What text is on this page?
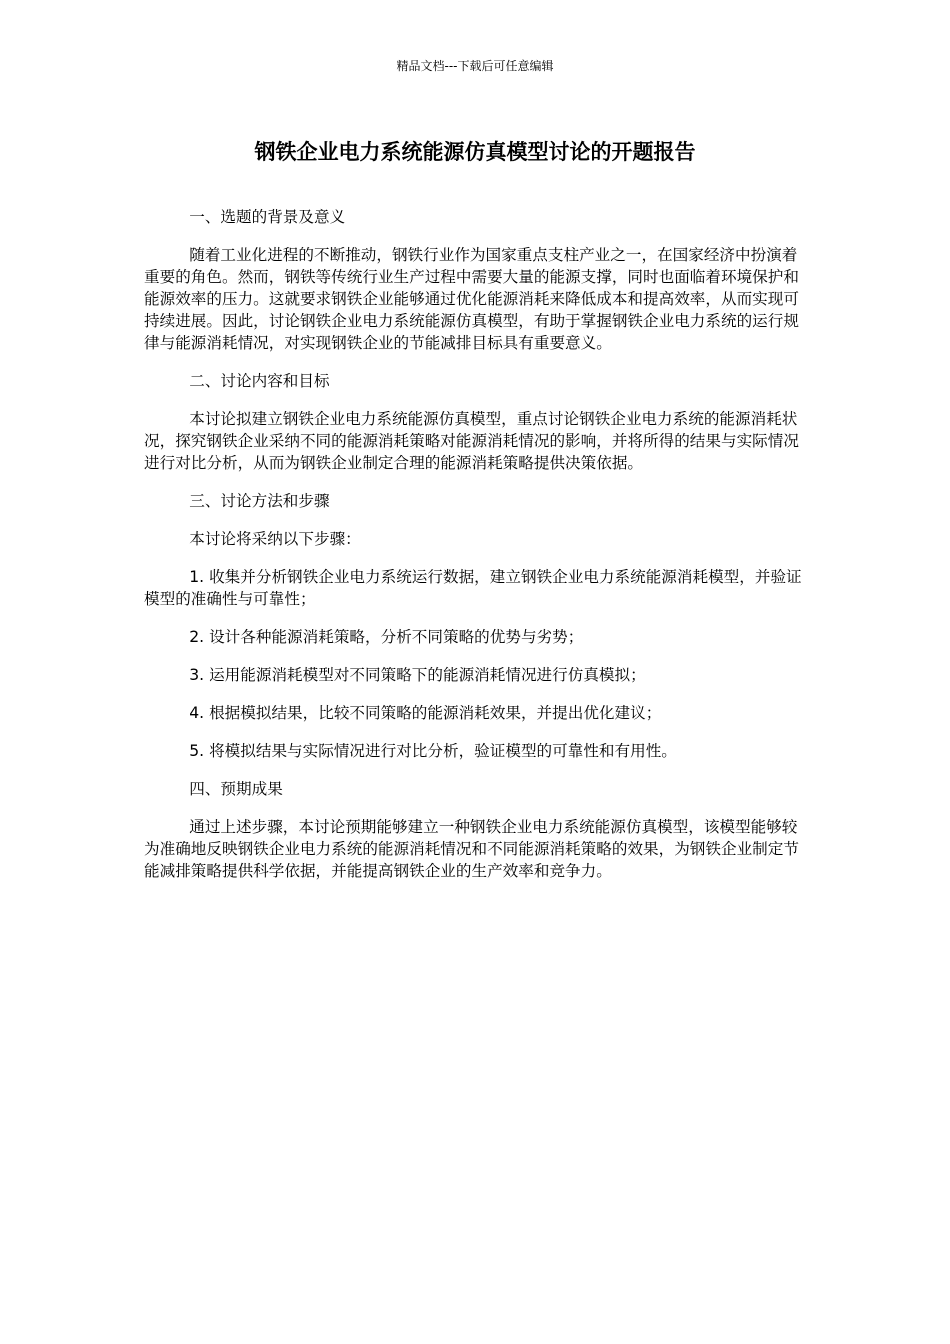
精品文档---下载后可任意编辑
钢铁企业电力系统能源仿真模型讨论的开题报告

一、选题的背景及意义

随着工业化进程的不断推动，钢铁行业作为国家重点支柱产业之一，在国家经济中扮演着重要的角色。然而，钢铁等传统行业生产过程中需要大量的能源支撑，同时也面临着环境保护和能源效率的压力。这就要求钢铁企业能够通过优化能源消耗来降低成本和提高效率，从而实现可持续进展。因此，讨论钢铁企业电力系统能源仿真模型，有助于掌握钢铁企业电力系统的运行规律与能源消耗情况，对实现钢铁企业的节能减排目标具有重要意义。

二、讨论内容和目标

本讨论拟建立钢铁企业电力系统能源仿真模型，重点讨论钢铁企业电力系统的能源消耗状况，探究钢铁企业采纳不同的能源消耗策略对能源消耗情况的影响，并将所得的结果与实际情况进行对比分析，从而为钢铁企业制定合理的能源消耗策略提供决策依据。

三、讨论方法和步骤

本讨论将采纳以下步骤：

1. 收集并分析钢铁企业电力系统运行数据，建立钢铁企业电力系统能源消耗模型，并验证模型的准确性与可靠性；

2. 设计各种能源消耗策略，分析不同策略的优势与劣势；

3. 运用能源消耗模型对不同策略下的能源消耗情况进行仿真模拟；

4. 根据模拟结果，比较不同策略的能源消耗效果，并提出优化建议；

5. 将模拟结果与实际情况进行对比分析，验证模型的可靠性和有用性。

四、预期成果

通过上述步骤，本讨论预期能够建立一种钢铁企业电力系统能源仿真模型，该模型能够较为准确地反映钢铁企业电力系统的能源消耗情况和不同能源消耗策略的效果，为钢铁企业制定节能减排策略提供科学依据，并能提高钢铁企业的生产效率和竞争力。
